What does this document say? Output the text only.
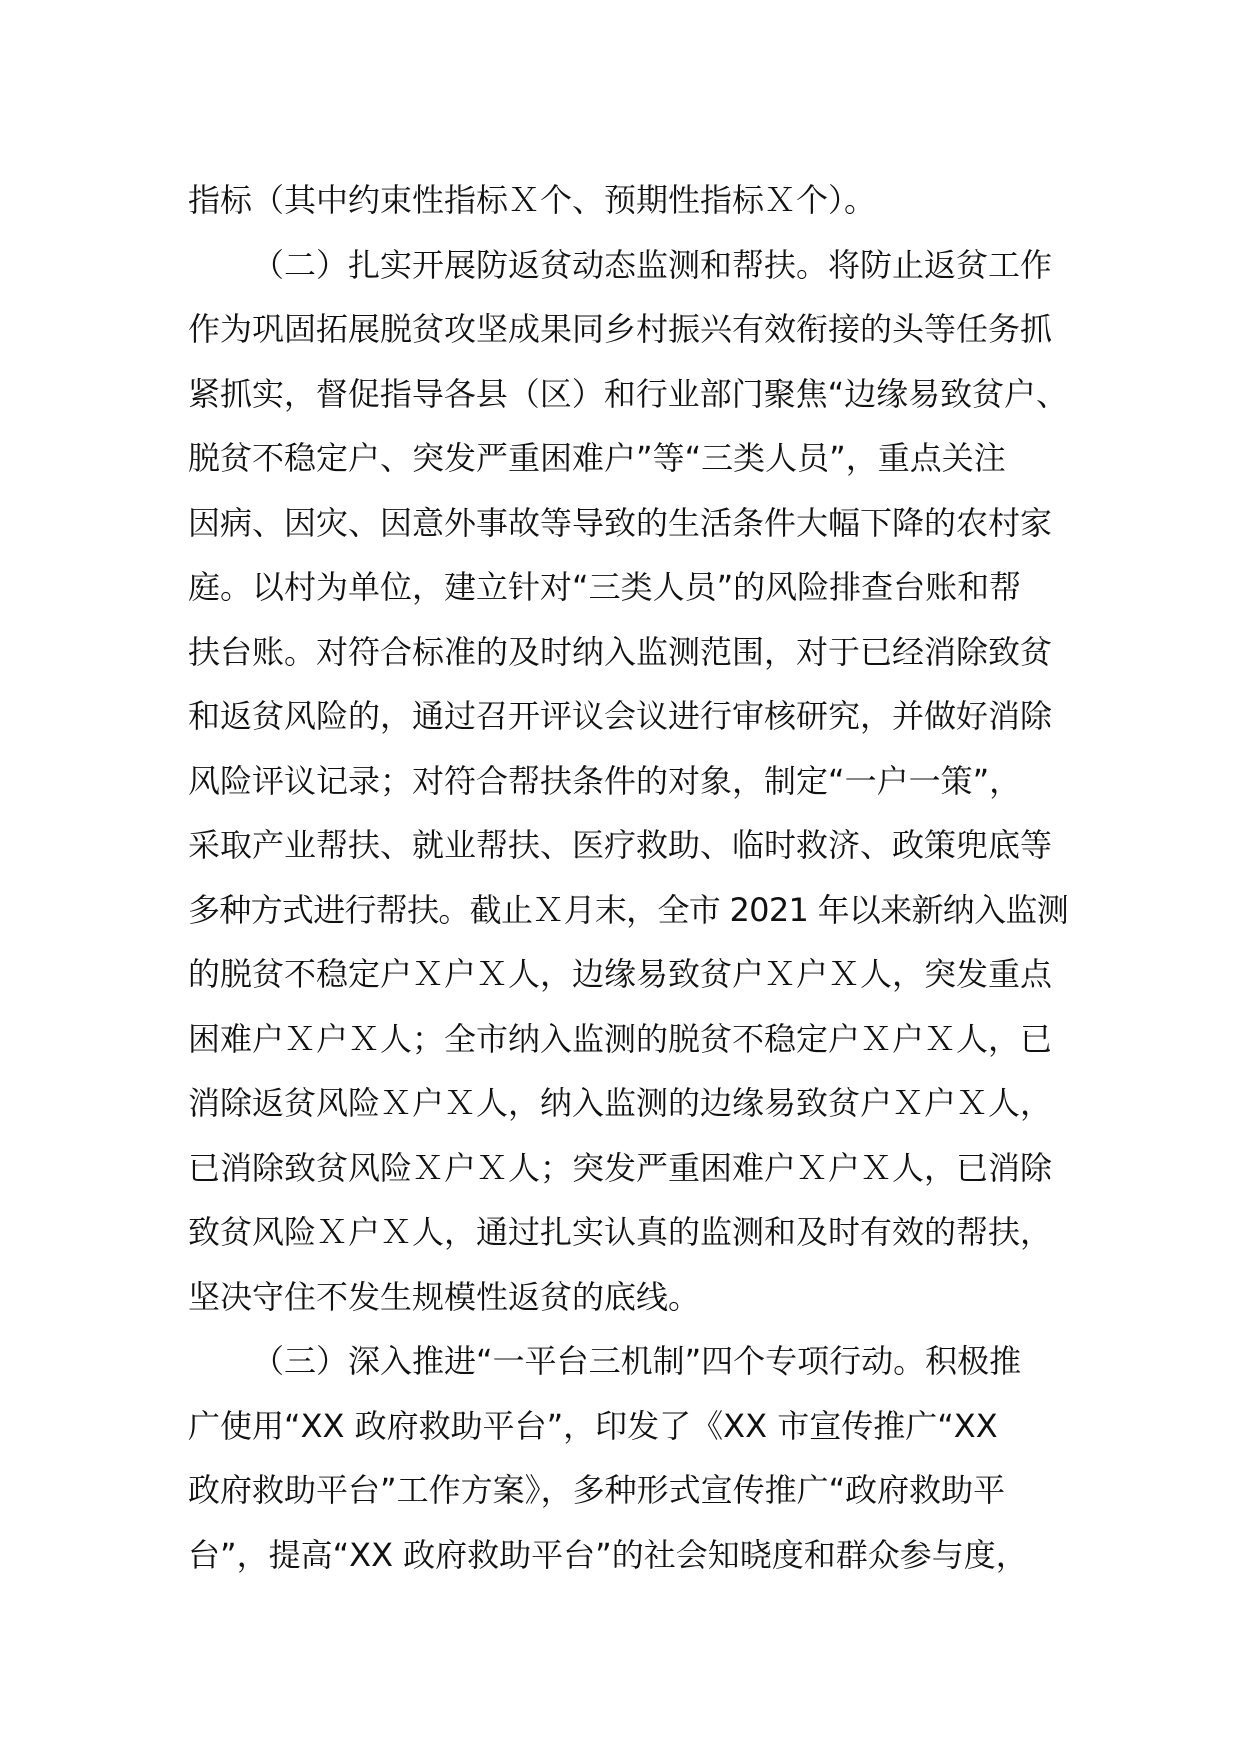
指标（其中约束性指标Ｘ个、预期性指标Ｘ个）。
（二）扎实开展防返贫动态监测和帮扶。将防止返贫工作
作为巩固拓展脱贫攻坚成果同乡村振兴有效衔接的头等任务抓
紧抓实，督促指导各县（区）和行业部门聚焦“边缘易致贫户、
脱贫不稳定户、突发严重困难户”等“三类人员”，重点关注
因病、因灾、因意外事故等导致的生活条件大幅下降的农村家
庭。以村为单位，建立针对“三类人员”的风险排查台账和帮
扶台账。对符合标准的及时纳入监测范围，对于已经消除致贫
和返贫风险的，通过召开评议会议进行审核研究，并做好消除
风险评议记录；对符合帮扶条件的对象，制定“一户一策”，
采取产业帮扶、就业帮扶、医疗救助、临时救济、政策兜底等
多种方式进行帮扶。截止Ｘ月末，全市 2021 年以来新纳入监测
的脱贫不稳定户Ｘ户Ｘ人，边缘易致贫户Ｘ户Ｘ人，突发重点
困难户Ｘ户Ｘ人；全市纳入监测的脱贫不稳定户Ｘ户Ｘ人，已
消除返贫风险Ｘ户Ｘ人，纳入监测的边缘易致贫户Ｘ户Ｘ人，
已消除致贫风险Ｘ户Ｘ人；突发严重困难户Ｘ户Ｘ人，已消除
致贫风险Ｘ户Ｘ人，通过扎实认真的监测和及时有效的帮扶，
坚决守住不发生规模性返贫的底线。
（三）深入推进“一平台三机制”四个专项行动。积极推
广使用“XX 政府救助平台”，印发了《XX 市宣传推广“XX
政府救助平台”工作方案》，多种形式宣传推广“政府救助平
台”，提高“XX 政府救助平台”的社会知晓度和群众参与度，
